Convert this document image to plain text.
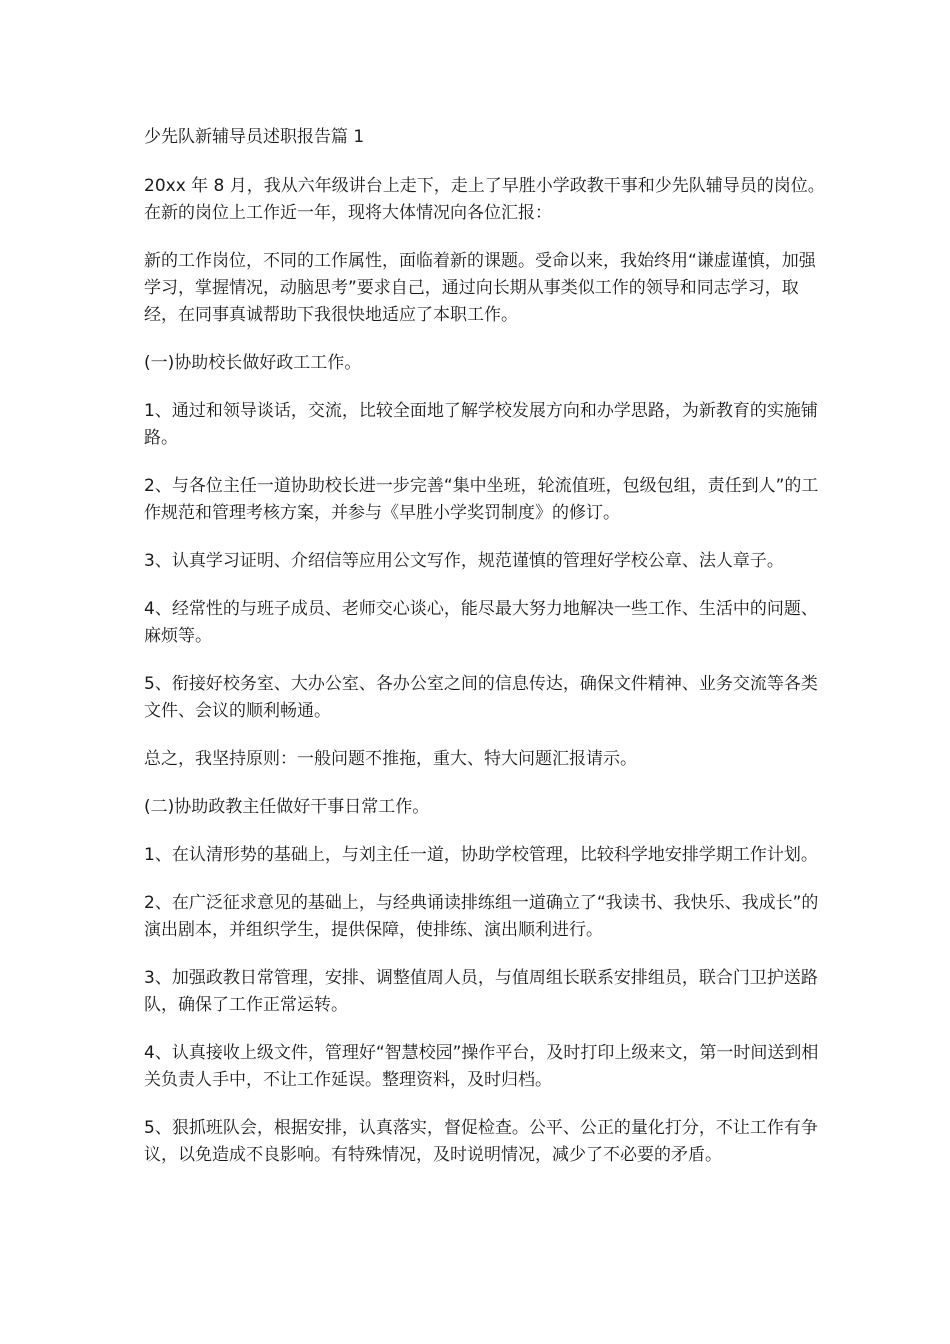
少先队新辅导员述职报告篇 1

20xx 年 8 月，我从六年级讲台上走下，走上了早胜小学政教干事和少先队辅导员的岗位。在新的岗位上工作近一年，现将大体情况向各位汇报：

新的工作岗位，不同的工作属性，面临着新的课题。受命以来，我始终用“谦虚谨慎，加强学习，掌握情况，动脑思考”要求自己，通过向长期从事类似工作的领导和同志学习，取经，在同事真诚帮助下我很快地适应了本职工作。

(一)协助校长做好政工工作。

1、通过和领导谈话，交流，比较全面地了解学校发展方向和办学思路，为新教育的实施铺路。

2、与各位主任一道协助校长进一步完善“集中坐班，轮流值班，包级包组，责任到人”的工作规范和管理考核方案，并参与《早胜小学奖罚制度》的修订。

3、认真学习证明、介绍信等应用公文写作，规范谨慎的管理好学校公章、法人章子。

4、经常性的与班子成员、老师交心谈心，能尽最大努力地解决一些工作、生活中的问题、麻烦等。

5、衔接好校务室、大办公室、各办公室之间的信息传达，确保文件精神、业务交流等各类文件、会议的顺利畅通。

总之，我坚持原则：一般问题不推拖，重大、特大问题汇报请示。

(二)协助政教主任做好干事日常工作。

1、在认清形势的基础上，与刘主任一道，协助学校管理，比较科学地安排学期工作计划。

2、在广泛征求意见的基础上，与经典诵读排练组一道确立了“我读书、我快乐、我成长”的演出剧本，并组织学生，提供保障，使排练、演出顺利进行。

3、加强政教日常管理，安排、调整值周人员，与值周组长联系安排组员，联合门卫护送路队，确保了工作正常运转。

4、认真接收上级文件，管理好“智慧校园”操作平台，及时打印上级来文，第一时间送到相关负责人手中，不让工作延误。整理资料，及时归档。

5、狠抓班队会，根据安排，认真落实，督促检查。公平、公正的量化打分，不让工作有争议，以免造成不良影响。有特殊情况，及时说明情况，减少了不必要的矛盾。
